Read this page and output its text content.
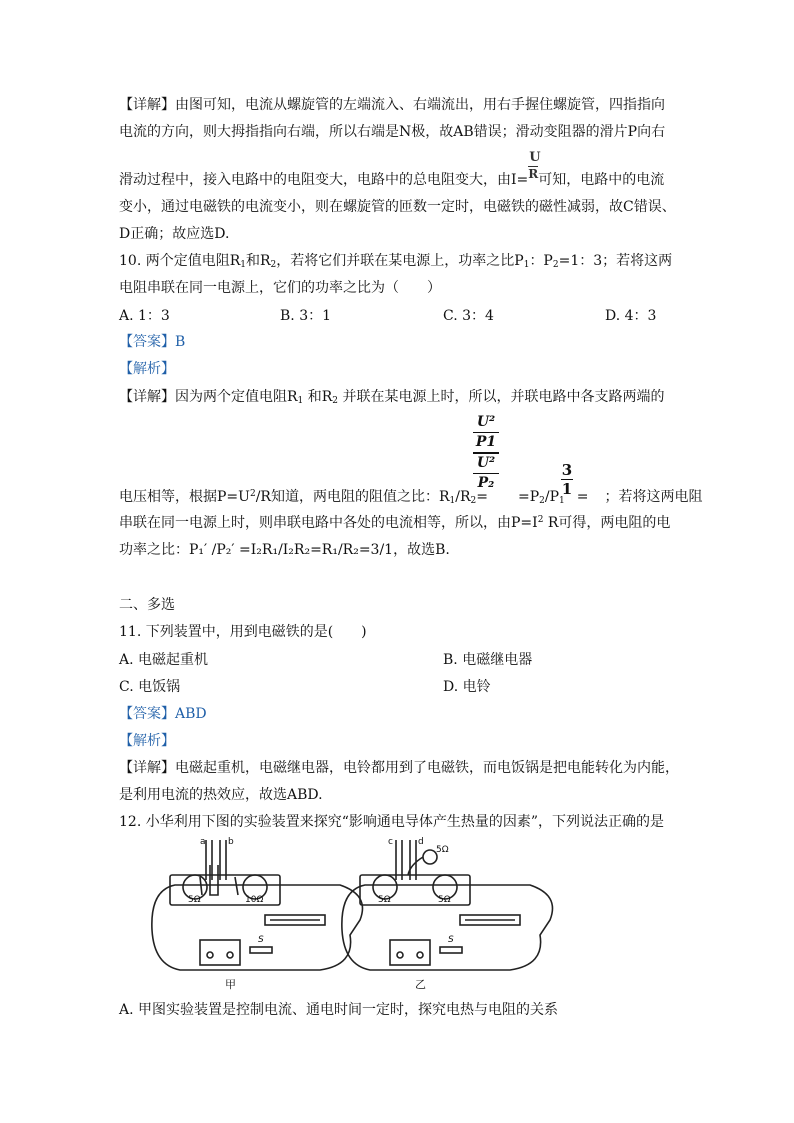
【详解】由图可知，电流从螺旋管的左端流入、右端流出，用右手握住螺旋管，四指指向
电流的方向，则大拇指指向右端，所以右端是N极，故AB错误；滑动变阻器的滑片P向右
滑动过程中，接入电路中的电阻变大，电路中的总电阻变大，由$I= \frac{U}{R}$可知，电路中的电流
变小，通过电磁铁的电流变小，则在螺旋管的匝数一定时，电磁铁的磁性减弱，故C错误、
D正确；故应选D.
10. 两个定值电阻$R_1$和$R_2$，若将它们并联在某电源上，功率之比$P_1$：$P_2=1$：3；若将这两
电阻串联在同一电源上，它们的功率之比为（　　）
A. 1：3	B. 3：1	C. 3：4	D. 4：3
【答案】B
【解析】
【详解】因为两个定值电阻$R_1$ 和$R_2$ 并联在某电源上时，所以，并联电路中各支路两端的
U²
P1
U²
P₂
3
1
电压相等，根据$P=U^2/R$知道，两电阻的阻值之比：$R_1/R_2= =P_2/P_1$ = ；若将这两电阻
串联在同一电源上时，则串联电路中各处的电流相等，所以，由$P=I^2$ R可得，两电阻的电
功率之比：P₁′ /P₂′ =I₂R₁/I₂R₂=R₁/R₂=3/1，故选B.
二、多选
11. 下列装置中，用到电磁铁的是(　　)
A. 电磁起重机	B. 电磁继电器
C. 电饭锅	D. 电铃
【答案】ABD
【解析】
【详解】电磁起重机，电磁继电器，电铃都用到了电磁铁，而电饭锅是把电能转化为内能，
是利用电流的热效应，故选ABD.
12. 小华利用下图的实验装置来探究“影响通电导体产生热量的因素”，下列说法正确的是
a b	c	d
5Ω	10Ω	5Ω	5Ω
5Ω
S	S
甲	乙
A. 甲图实验装置是控制电流、通电时间一定时，探究电热与电阻的关系
